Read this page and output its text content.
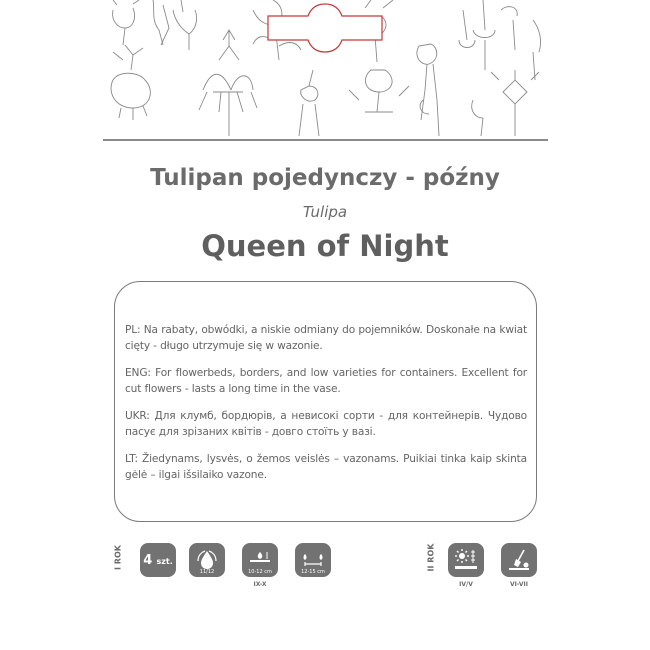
Tulipan pojedynczy - późny
Tulipa
Queen of Night

PL: Na rabaty, obwódki, a niskie odmiany do pojemników. Doskonałe na kwiat cięty - długo utrzymuje się w wazonie.

ENG: For flowerbeds, borders, and low varieties for containers. Excellent for cut flowers - lasts a long time in the vase.

UKR: Для клумб, бордюрів, а невисокі сорти - для контейнерів. Чудово пасує для зрізаних квітів - довго стоїть у вазі.

LT: Žiedynams, lysvės, o žemos veislės – vazonams. Puikiai tinka kaip skinta gėlė – ilgai išsilaiko vazone.

I ROK	II ROK
4 szt.
11/12	10-12 cm	12-15 cm
IX-X	IV/V	VI-VII
